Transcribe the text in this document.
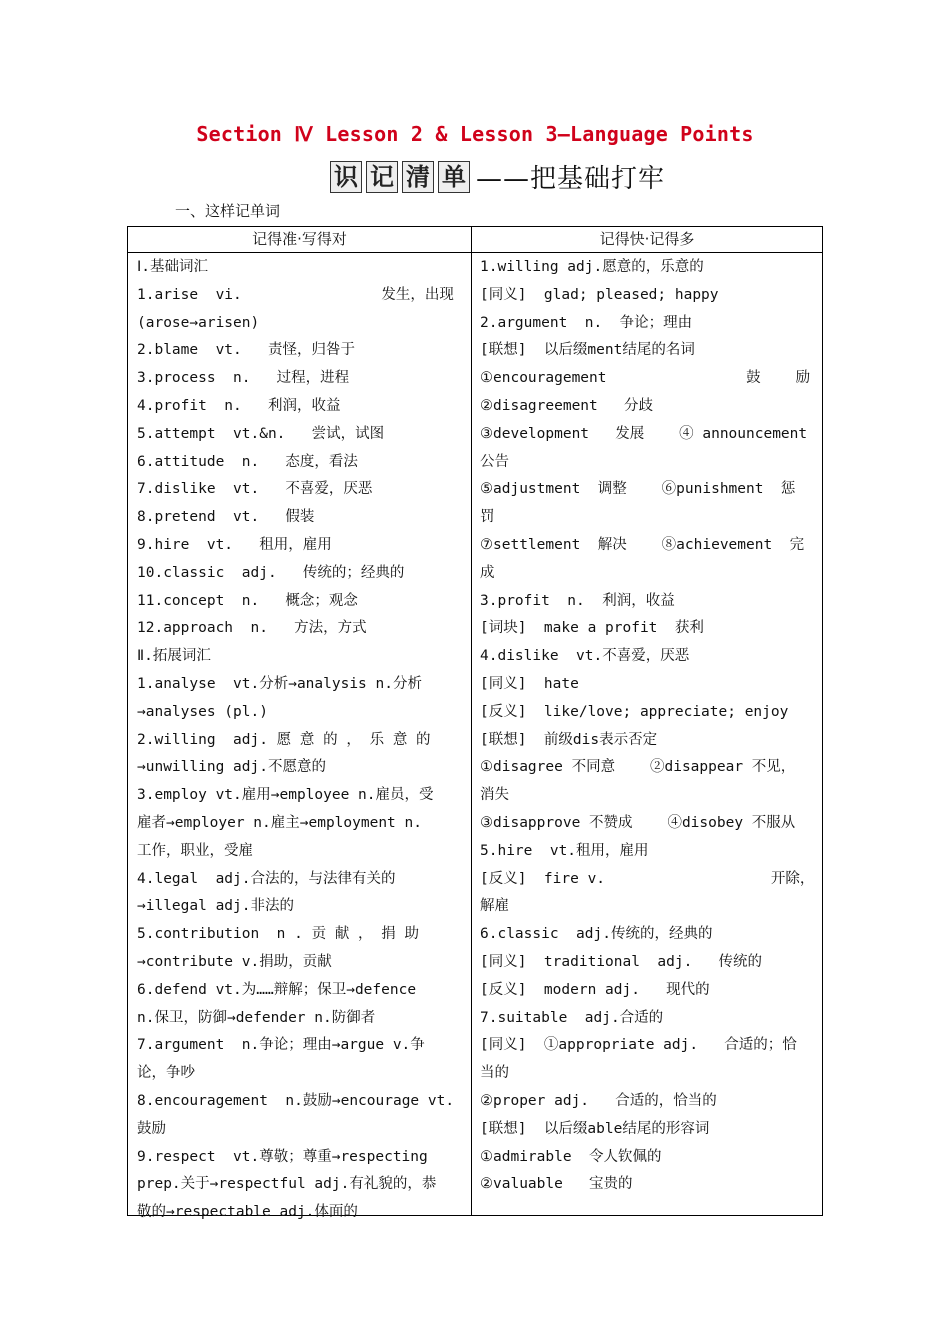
Section Ⅳ Lesson 2 & Lesson 3—Language Points
识 记 清 单 ——把基础打牢
一、这样记单词
记得准·写得对	记得快·记得多
Ⅰ.基础词汇
1.arise  vi.                发生，出现
(arose→arisen)
2.blame  vt.   责怪，归咎于
3.process  n.   过程，进程
4.profit  n.   利润，收益
5.attempt  vt.&n.   尝试，试图
6.attitude  n.   态度，看法
7.dislike  vt.   不喜爱，厌恶
8.pretend  vt.   假装
9.hire  vt.   租用，雇用
10.classic  adj.   传统的；经典的
11.concept  n.   概念；观念
12.approach  n.   方法，方式
Ⅱ.拓展词汇
1.analyse  vt.分析→analysis n.分析
→analyses (pl.)
2.willing  adj. 愿 意 的 ， 乐 意 的
→unwilling adj.不愿意的
3.employ vt.雇用→employee n.雇员，受
雇者→employer n.雇主→employment n.
工作，职业，受雇
4.legal  adj.合法的，与法律有关的
→illegal adj.非法的
5.contribution  n . 贡 献 ， 捐 助
→contribute v.捐助，贡献
6.defend vt.为……辩解；保卫→defence
n.保卫，防御→defender n.防御者
7.argument  n.争论；理由→argue v.争
论，争吵
8.encouragement  n.鼓励→encourage vt.
鼓励
9.respect  vt.尊敬；尊重→respecting
prep.关于→respectful adj.有礼貌的，恭
敬的→respectable adj.体面的
1.willing adj.愿意的，乐意的
[同义]  glad; pleased; happy
2.argument  n.  争论；理由
[联想]  以后缀ment结尾的名词
①encouragement                鼓    励
②disagreement   分歧
③development   发展    ④ announcement
公告
⑤adjustment  调整    ⑥punishment  惩
罚
⑦settlement  解决    ⑧achievement  完
成
3.profit  n.  利润，收益
[词块]  make a profit  获利
4.dislike  vt.不喜爱，厌恶
[同义]  hate
[反义]  like/love; appreciate; enjoy
[联想]  前级dis表示否定
①disagree 不同意    ②disappear 不见，
消失
③disapprove 不赞成    ④disobey 不服从
5.hire  vt.租用，雇用
[反义]  fire v.                   开除，
解雇
6.classic  adj.传统的，经典的
[同义]  traditional  adj.   传统的
[反义]  modern adj.   现代的
7.suitable  adj.合适的
[同义]  ①appropriate adj.   合适的；恰
当的
②proper adj.   合适的，恰当的
[联想]  以后缀able结尾的形容词
①admirable  令人钦佩的
②valuable   宝贵的
